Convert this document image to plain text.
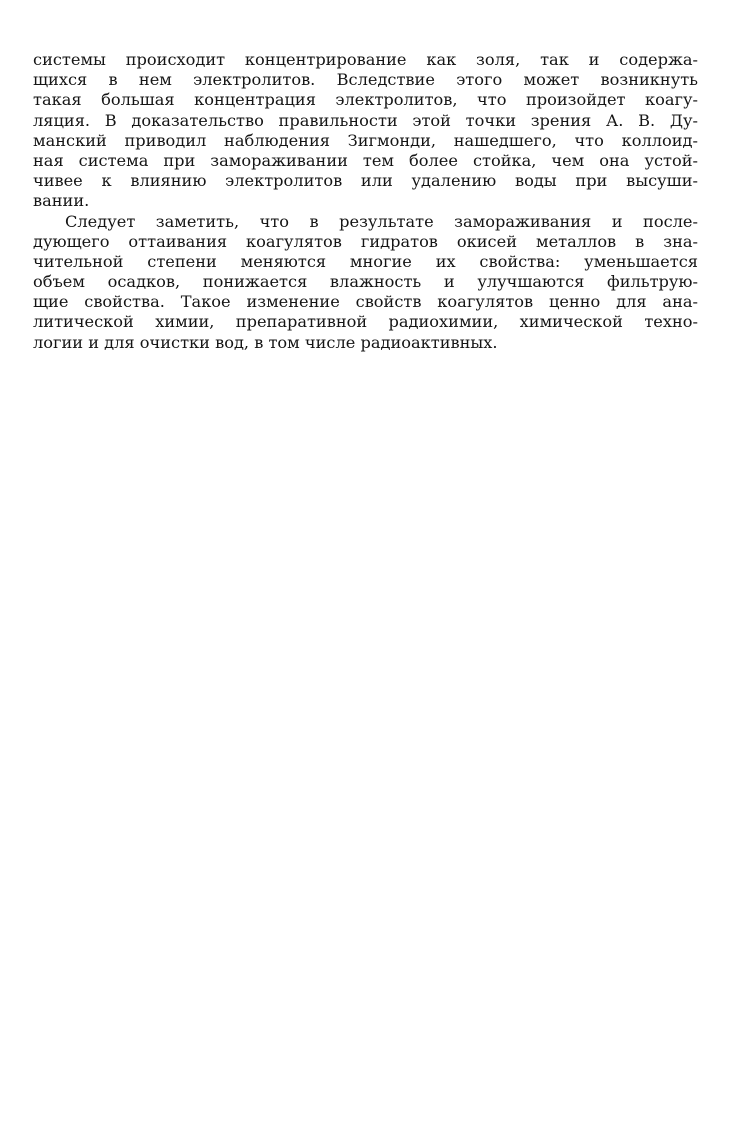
системы происходит концентрирование как золя, так и содержа-
щихся в нем электролитов. Вследствие этого может возникнуть
такая большая концентрация электролитов, что произойдет коагу-
ляция. В доказательство правильности этой точки зрения А. В. Ду-
манский приводил наблюдения Зигмонди, нашедшего, что коллоид-
ная система при замораживании тем более стойка, чем она устой-
чивее к влиянию электролитов или удалению воды при высуши-
вании.
Следует заметить, что в результате замораживания и после-
дующего оттаивания коагулятов гидратов окисей металлов в зна-
чительной степени меняются многие их свойства: уменьшается
объем осадков, понижается влажность и улучшаются фильтрую-
щие свойства. Такое изменение свойств коагулятов ценно для ана-
литической химии, препаративной радиохимии, химической техно-
логии и для очистки вод, в том числе радиоактивных.
